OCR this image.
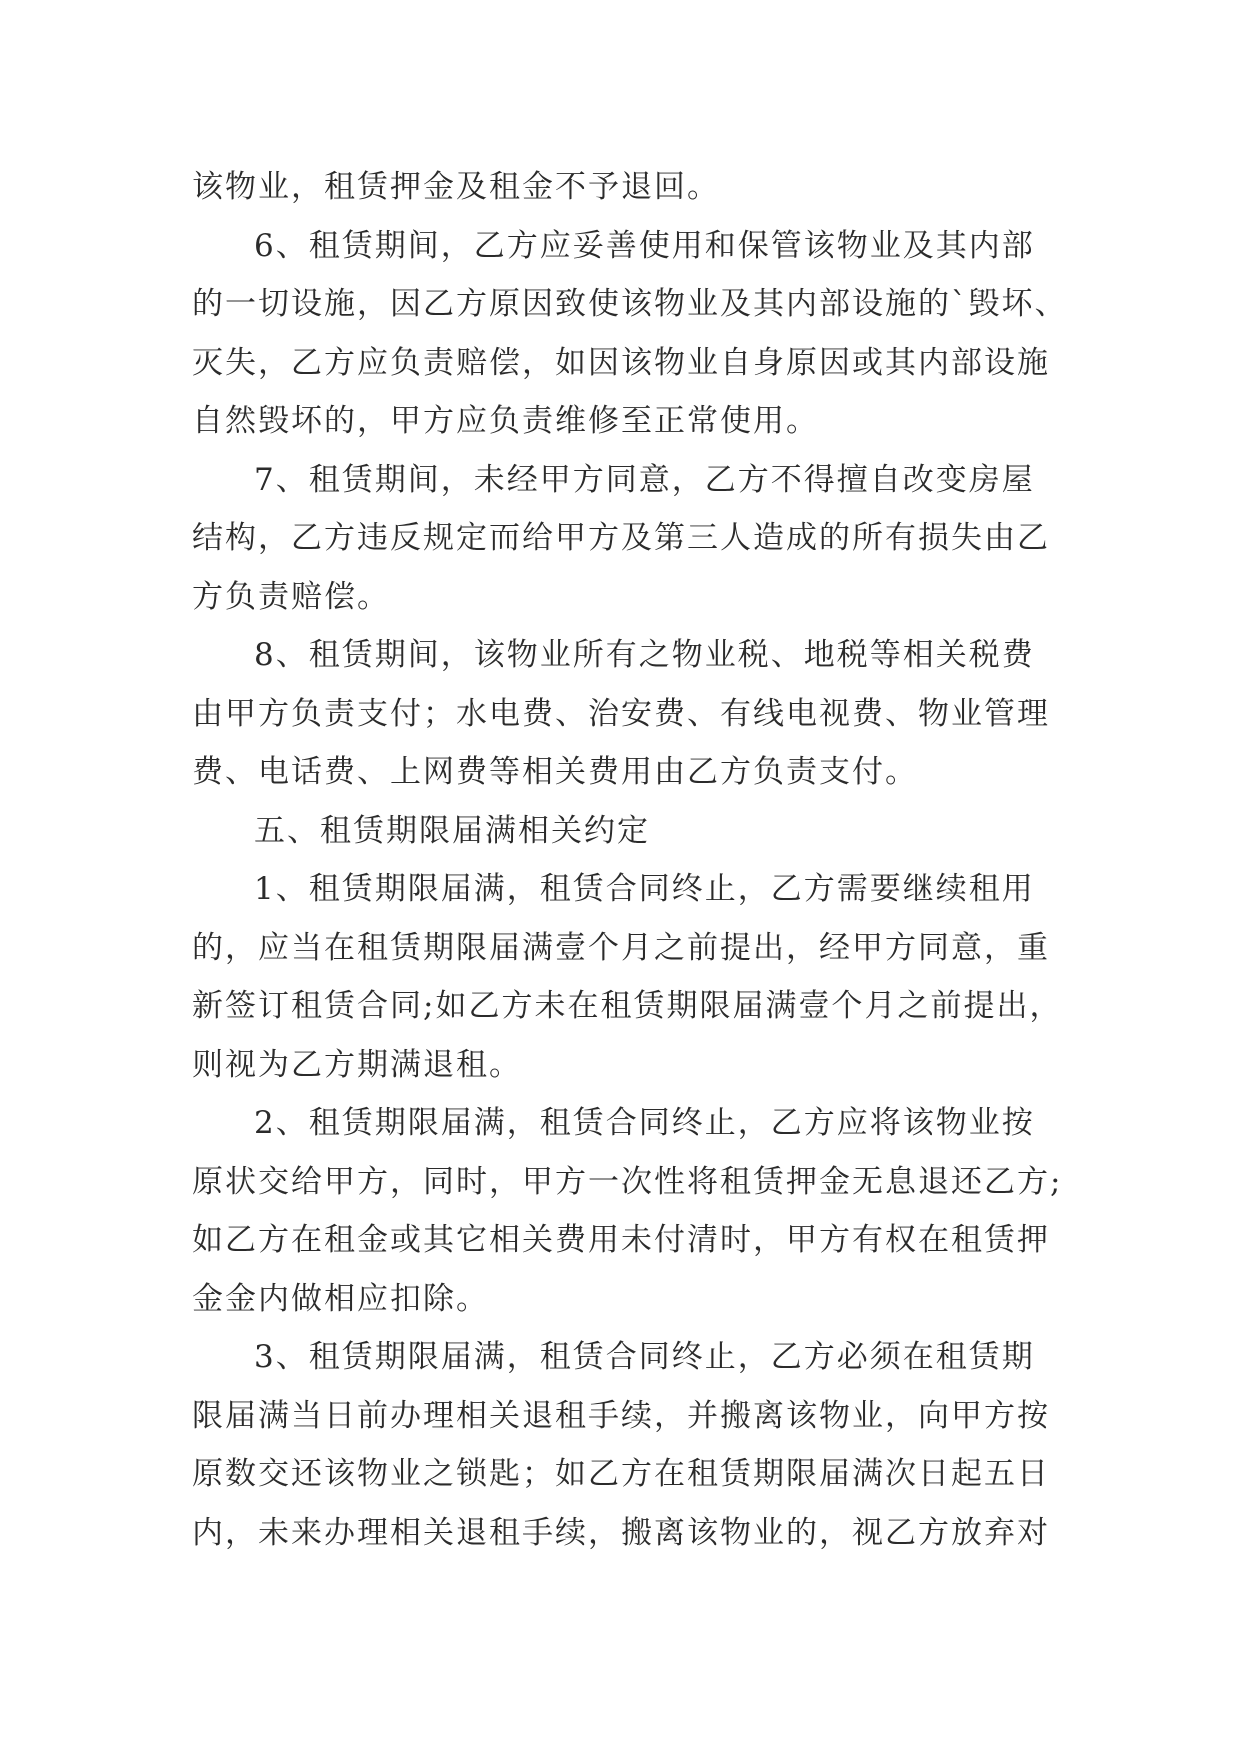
该物业，租赁押金及租金不予退回。
6、租赁期间，乙方应妥善使用和保管该物业及其内部
的一切设施，因乙方原因致使该物业及其内部设施的`毁坏、
灭失，乙方应负责赔偿，如因该物业自身原因或其内部设施
自然毁坏的，甲方应负责维修至正常使用。
7、租赁期间，未经甲方同意，乙方不得擅自改变房屋
结构，乙方违反规定而给甲方及第三人造成的所有损失由乙
方负责赔偿。
8、租赁期间，该物业所有之物业税、地税等相关税费
由甲方负责支付；水电费、治安费、有线电视费、物业管理
费、电话费、上网费等相关费用由乙方负责支付。
五、租赁期限届满相关约定
1、租赁期限届满，租赁合同终止，乙方需要继续租用
的，应当在租赁期限届满壹个月之前提出，经甲方同意，重
新签订租赁合同;如乙方未在租赁期限届满壹个月之前提出，
则视为乙方期满退租。
2、租赁期限届满，租赁合同终止，乙方应将该物业按
原状交给甲方，同时，甲方一次性将租赁押金无息退还乙方;
如乙方在租金或其它相关费用未付清时，甲方有权在租赁押
金金内做相应扣除。
3、租赁期限届满，租赁合同终止，乙方必须在租赁期
限届满当日前办理相关退租手续，并搬离该物业，向甲方按
原数交还该物业之锁匙；如乙方在租赁期限届满次日起五日
内，未来办理相关退租手续，搬离该物业的，视乙方放弃对
